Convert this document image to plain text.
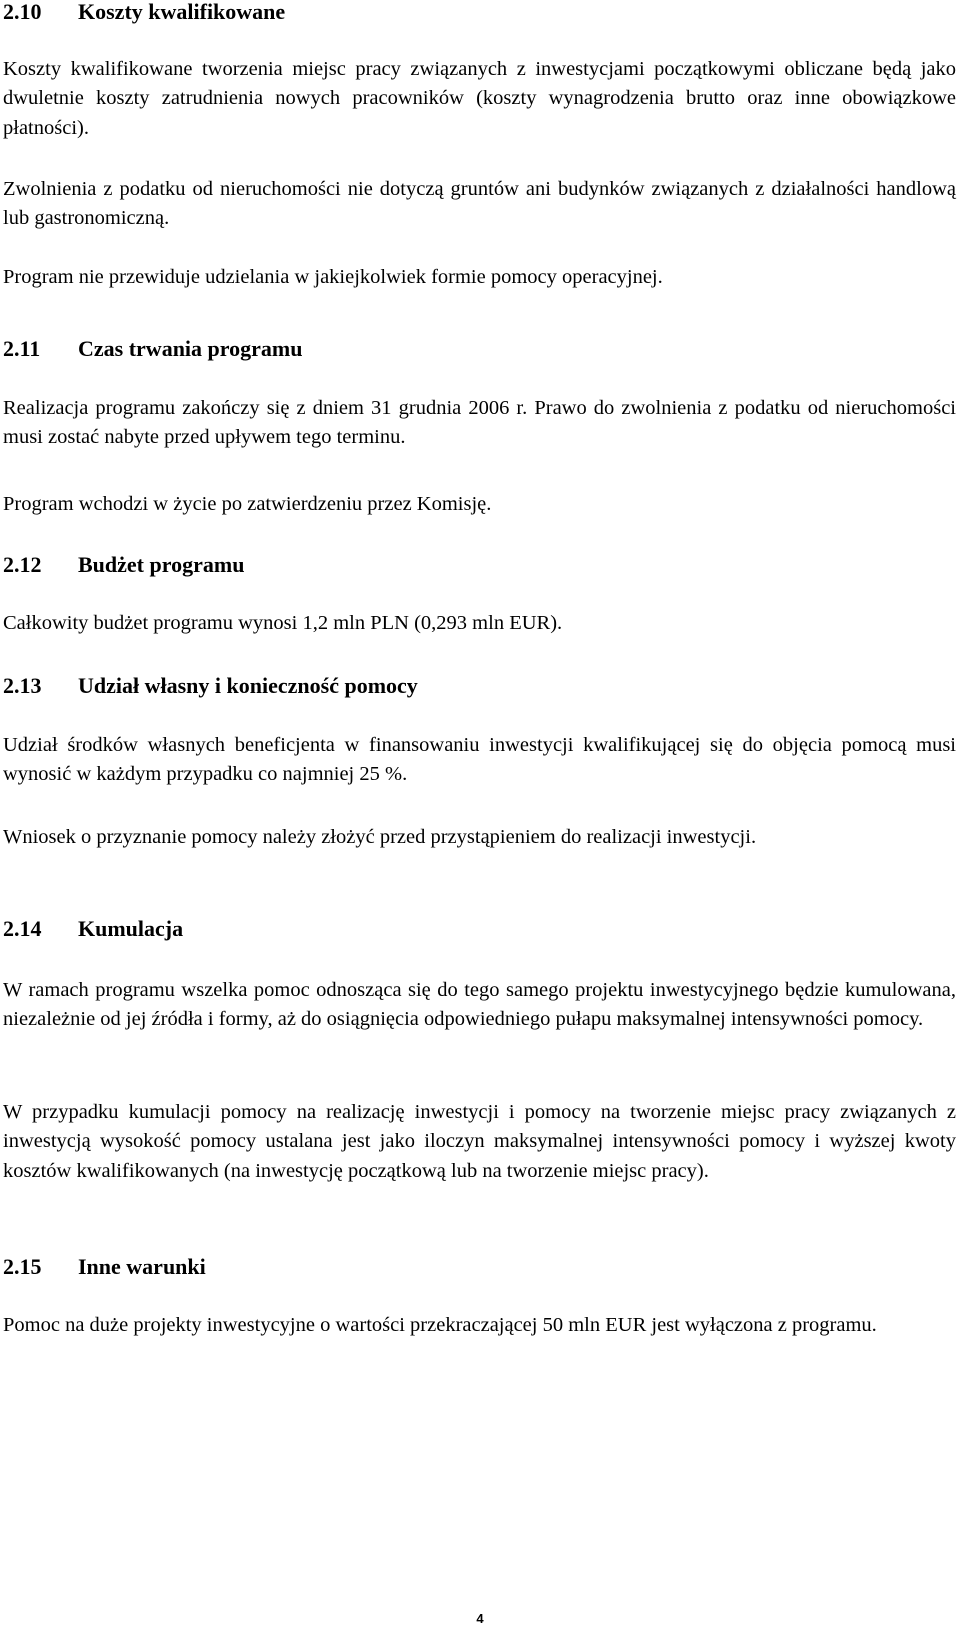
2.10	Koszty kwalifikowane

Koszty kwalifikowane tworzenia miejsc pracy związanych z inwestycjami początkowymi obliczane będą jako dwuletnie koszty zatrudnienia nowych pracowników (koszty wynagrodzenia brutto oraz inne obowiązkowe płatności).

Zwolnienia z podatku od nieruchomości nie dotyczą gruntów ani budynków związanych z działalności handlową lub gastronomiczną.

Program nie przewiduje udzielania w jakiejkolwiek formie pomocy operacyjnej.

2.11	Czas trwania programu

Realizacja programu zakończy się z dniem 31 grudnia 2006 r. Prawo do zwolnienia z podatku od nieruchomości musi zostać nabyte przed upływem tego terminu.

Program wchodzi w życie po zatwierdzeniu przez Komisję.

2.12	Budżet programu

Całkowity budżet programu wynosi 1,2 mln PLN (0,293 mln EUR).

2.13	Udział własny i konieczność pomocy

Udział środków własnych beneficjenta w finansowaniu inwestycji kwalifikującej się do objęcia pomocą musi wynosić w każdym przypadku co najmniej 25 %.

Wniosek o przyznanie pomocy należy złożyć przed przystąpieniem do realizacji inwestycji.

2.14	Kumulacja

W ramach programu wszelka pomoc odnosząca się do tego samego projektu inwestycyjnego będzie kumulowana, niezależnie od jej źródła i formy, aż do osiągnięcia odpowiedniego pułapu maksymalnej intensywności pomocy.

W przypadku kumulacji pomocy na realizację inwestycji i pomocy na tworzenie miejsc pracy związanych z inwestycją wysokość pomocy ustalana jest jako iloczyn maksymalnej intensywności pomocy i wyższej kwoty kosztów kwalifikowanych (na inwestycję początkową lub na tworzenie miejsc pracy).

2.15	Inne warunki

Pomoc na duże projekty inwestycyjne o wartości przekraczającej 50 mln EUR jest wyłączona z programu.

4
